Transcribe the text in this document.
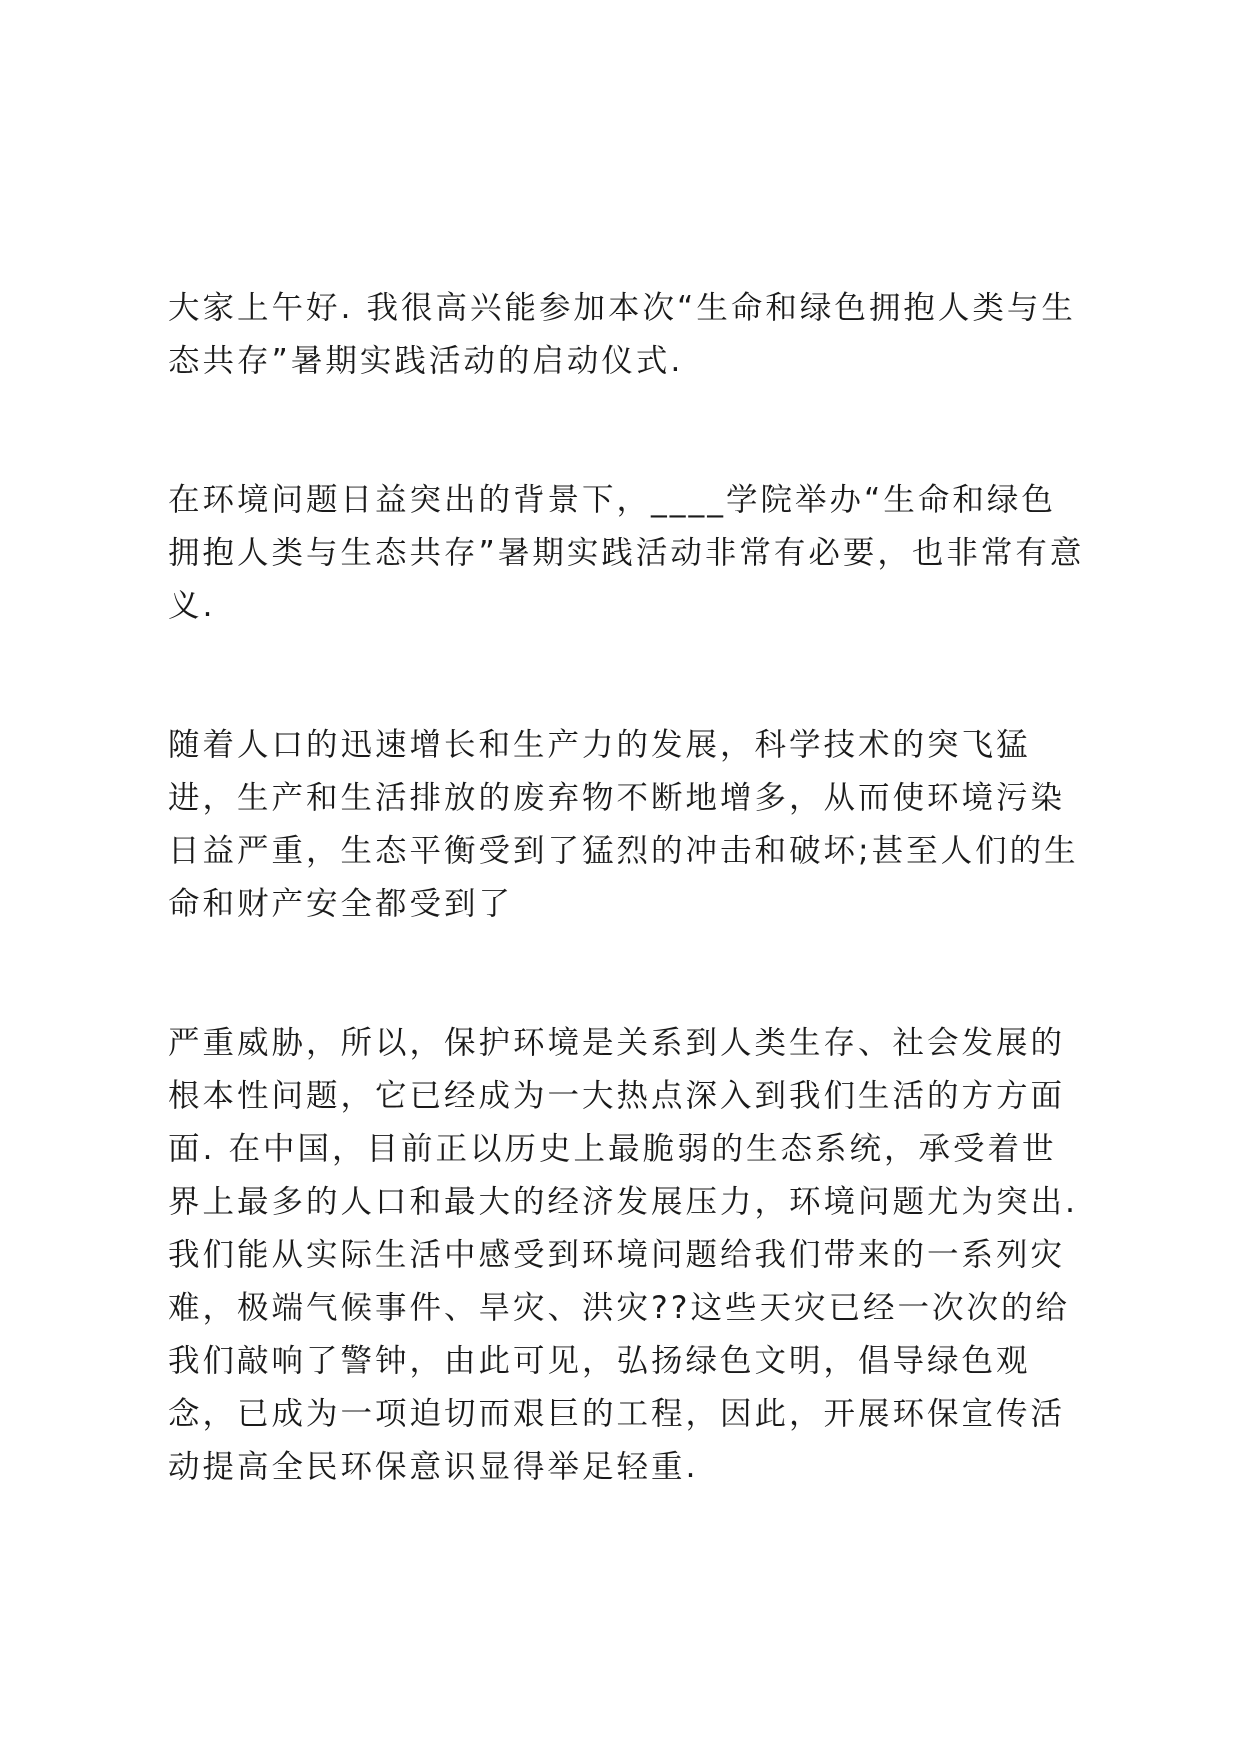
大家上午好. 我很高兴能参加本次“生命和绿色拥抱人类与生态共存”暑期实践活动的启动仪式.

在环境问题日益突出的背景下，____学院举办“生命和绿色拥抱人类与生态共存”暑期实践活动非常有必要，也非常有意义.

随着人口的迅速增长和生产力的发展，科学技术的突飞猛进，生产和生活排放的废弃物不断地增多，从而使环境污染日益严重，生态平衡受到了猛烈的冲击和破坏;甚至人们的生命和财产安全都受到了

严重威胁，所以，保护环境是关系到人类生存、社会发展的根本性问题，它已经成为一大热点深入到我们生活的方方面面. 在中国，目前正以历史上最脆弱的生态系统，承受着世界上最多的人口和最大的经济发展压力，环境问题尤为突出. 我们能从实际生活中感受到环境问题给我们带来的一系列灾难，极端气候事件、旱灾、洪灾??这些天灾已经一次次的给我们敲响了警钟，由此可见，弘扬绿色文明，倡导绿色观念，已成为一项迫切而艰巨的工程，因此，开展环保宣传活动提高全民环保意识显得举足轻重.
